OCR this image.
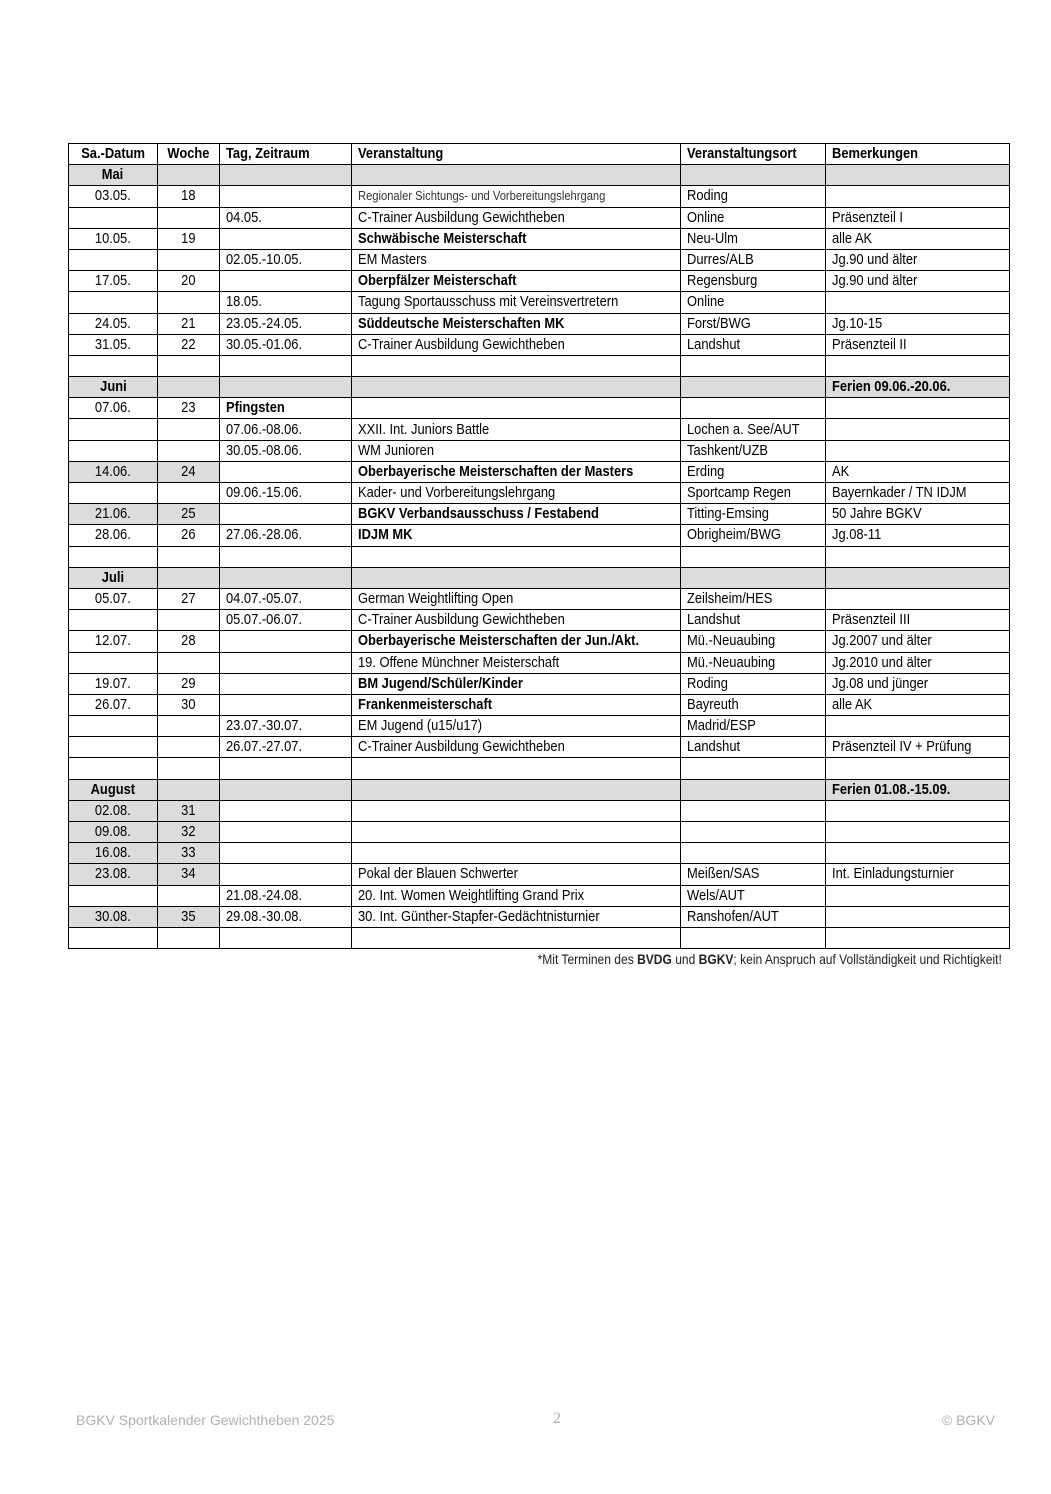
Sa.-Datum	Woche	Tag, Zeitraum	Veranstaltung	Veranstaltungsort	Bemerkungen
Mai					
03.05.	18		Regionaler Sichtungs- und Vorbereitungslehrgang	Roding	
		04.05.	C-Trainer Ausbildung Gewichtheben	Online	Präsenzteil I
10.05.	19		Schwäbische Meisterschaft	Neu-Ulm	alle AK
		02.05.-10.05.	EM Masters	Durres/ALB	Jg.90 und älter
17.05.	20		Oberpfälzer Meisterschaft	Regensburg	Jg.90 und älter
		18.05.	Tagung Sportausschuss mit Vereinsvertretern	Online	
24.05.	21	23.05.-24.05.	Süddeutsche Meisterschaften MK	Forst/BWG	Jg.10-15
31.05.	22	30.05.-01.06.	C-Trainer Ausbildung Gewichtheben	Landshut	Präsenzteil II

Juni					Ferien 09.06.-20.06.
07.06.	23	Pfingsten			
		07.06.-08.06.	XXII. Int. Juniors Battle	Lochen a. See/AUT	
		30.05.-08.06.	WM Junioren	Tashkent/UZB	
14.06.	24		Oberbayerische Meisterschaften der Masters	Erding	AK
		09.06.-15.06.	Kader- und Vorbereitungslehrgang	Sportcamp Regen	Bayernkader / TN IDJM
21.06.	25		BGKV Verbandsausschuss / Festabend	Titting-Emsing	50 Jahre BGKV
28.06.	26	27.06.-28.06.	IDJM MK	Obrigheim/BWG	Jg.08-11

Juli					
05.07.	27	04.07.-05.07.	German Weightlifting Open	Zeilsheim/HES	
		05.07.-06.07.	C-Trainer Ausbildung Gewichtheben	Landshut	Präsenzteil III
12.07.	28		Oberbayerische Meisterschaften der Jun./Akt.	Mü.-Neuaubing	Jg.2007 und älter
			19. Offene Münchner Meisterschaft	Mü.-Neuaubing	Jg.2010 und älter
19.07.	29		BM Jugend/Schüler/Kinder	Roding	Jg.08 und jünger
26.07.	30		Frankenmeisterschaft	Bayreuth	alle AK
		23.07.-30.07.	EM Jugend (u15/u17)	Madrid/ESP	
		26.07.-27.07.	C-Trainer Ausbildung Gewichtheben	Landshut	Präsenzteil IV + Prüfung

August					Ferien 01.08.-15.09.
02.08.	31				
09.08.	32				
16.08.	33				
23.08.	34		Pokal der Blauen Schwerter	Meißen/SAS	Int. Einladungsturnier
		21.08.-24.08.	20. Int. Women Weightlifting Grand Prix	Wels/AUT	
30.08.	35	29.08.-30.08.	30. Int. Günther-Stapfer-Gedächtnisturnier	Ranshofen/AUT	

*Mit Terminen des BVDG und BGKV; kein Anspruch auf Vollständigkeit und Richtigkeit!
BGKV Sportkalender Gewichtheben 2025	2	© BGKV
